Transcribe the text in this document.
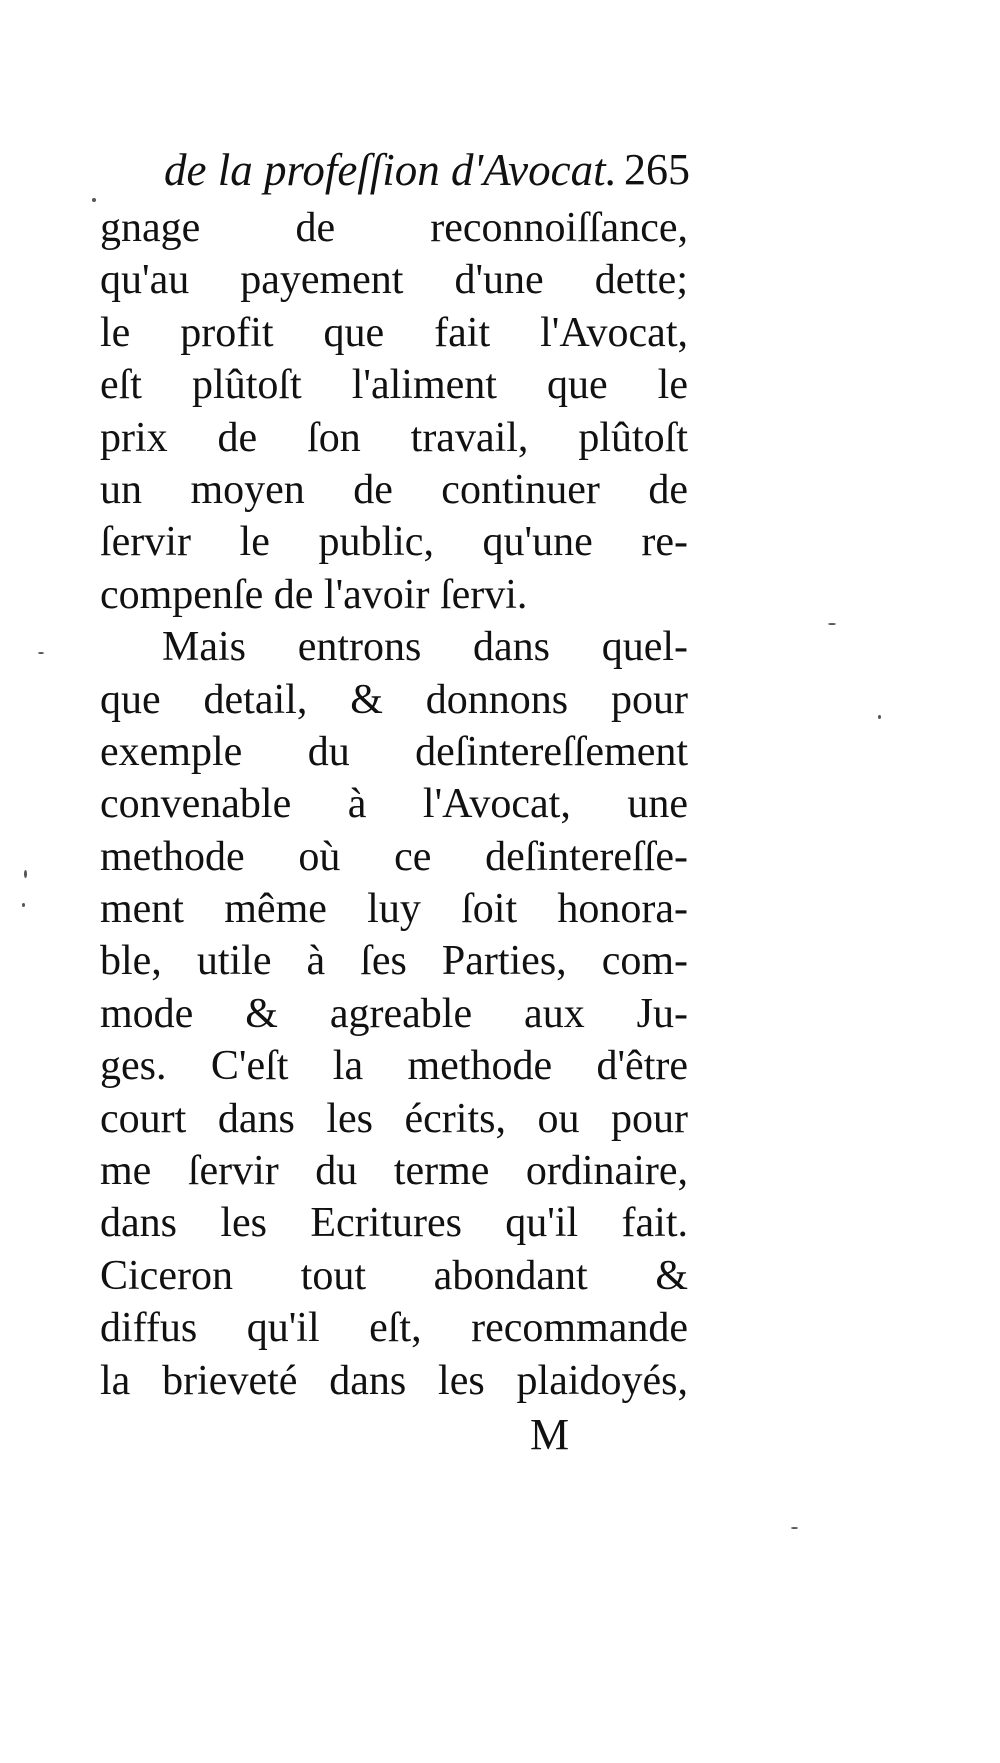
de la profeſſion d'Avocat. 265
gnage de reconnoiſſance,
qu'au payement d'une dette;
le profit que fait l'Avocat,
eſt plûtoſt l'aliment que le
prix de ſon travail, plûtoſt
un moyen de continuer de
ſervir le public, qu'une re-
compenſe de l'avoir ſervi.
Mais entrons dans quel-
que detail, & donnons pour
exemple du deſintereſſement
convenable à l'Avocat, une
methode où ce deſintereſſe-
ment même luy ſoit honora-
ble, utile à ſes Parties, com-
mode & agreable aux Ju-
ges. C'eſt la methode d'être
court dans les écrits, ou pour
me ſervir du terme ordinaire,
dans les Ecritures qu'il fait.
Ciceron tout abondant &
diffus qu'il eſt, recommande
la brieveté dans les plaidoyés,
M
